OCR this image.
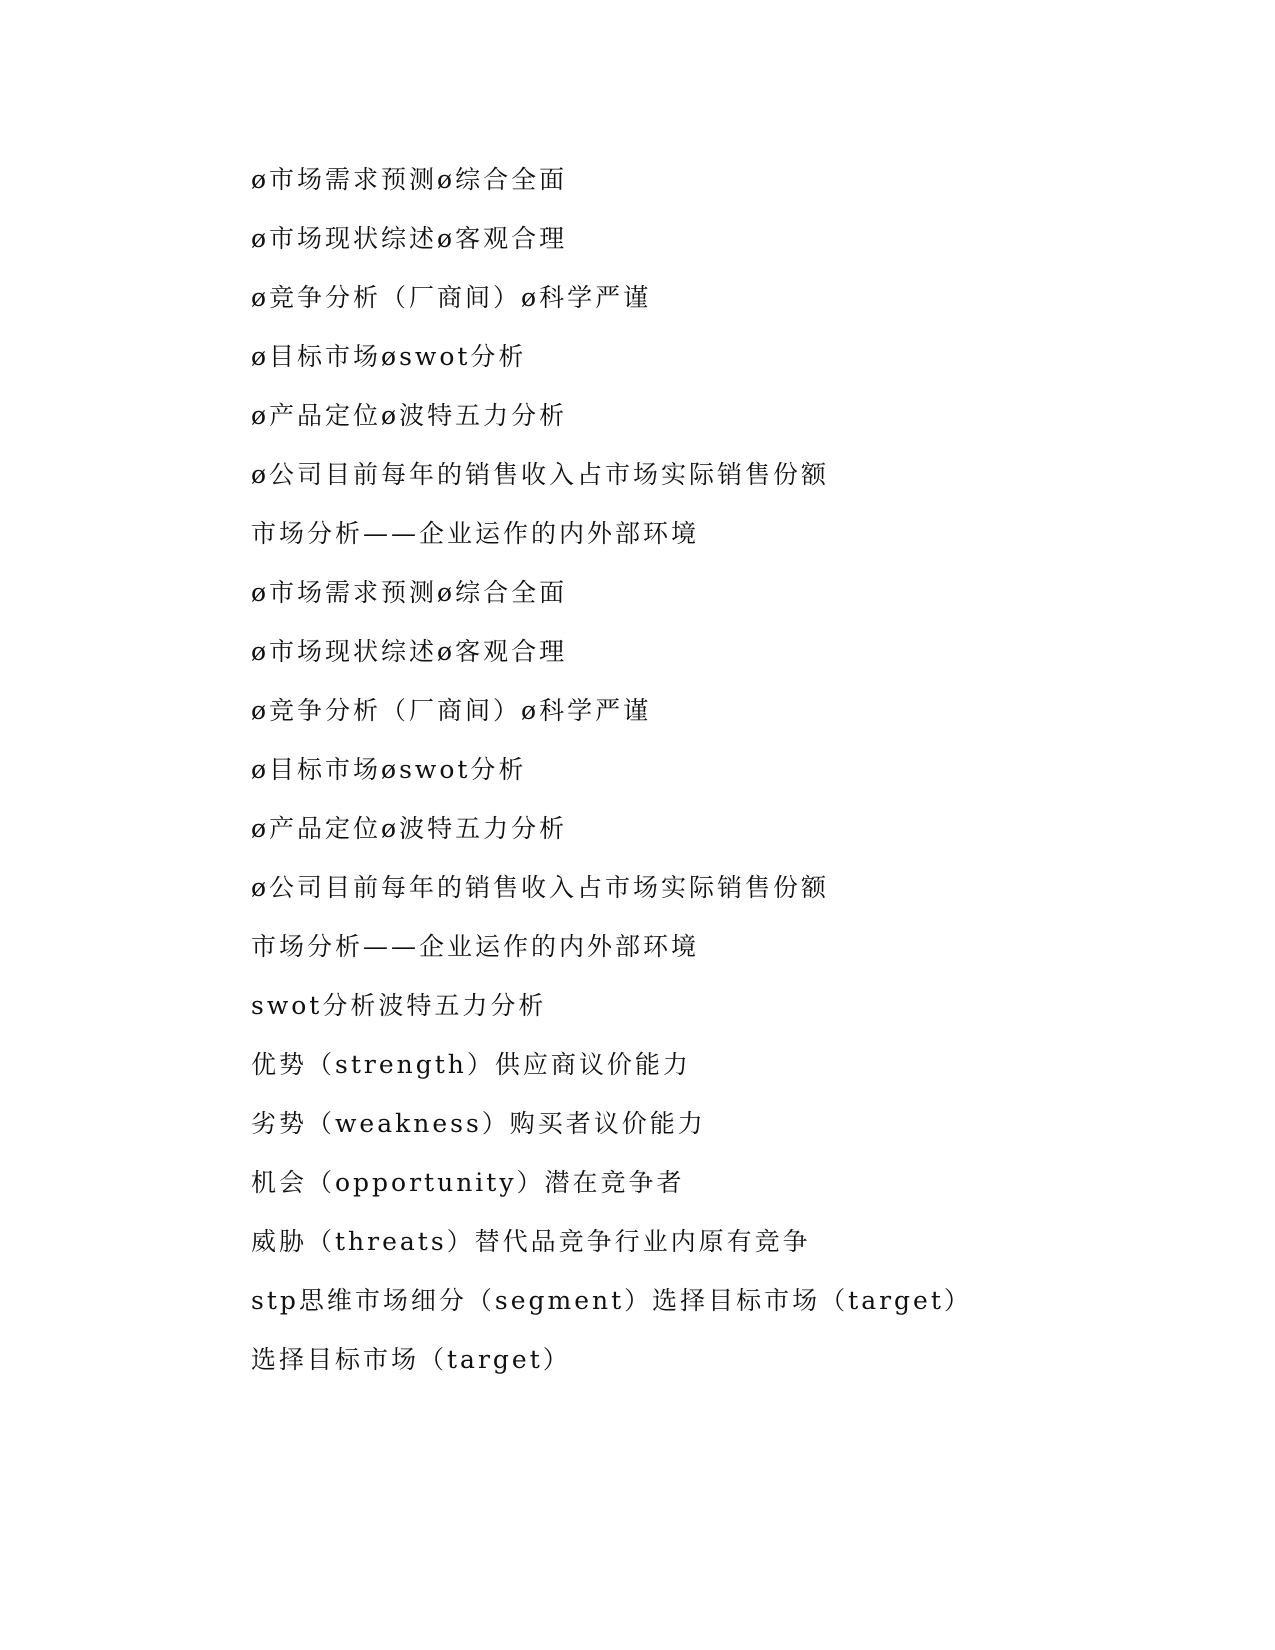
ø市场需求预测ø综合全面
ø市场现状综述ø客观合理
ø竞争分析（厂商间）ø科学严谨
ø目标市场øswot分析
ø产品定位ø波特五力分析
ø公司目前每年的销售收入占市场实际销售份额
市场分析——企业运作的内外部环境
ø市场需求预测ø综合全面
ø市场现状综述ø客观合理
ø竞争分析（厂商间）ø科学严谨
ø目标市场øswot分析
ø产品定位ø波特五力分析
ø公司目前每年的销售收入占市场实际销售份额
市场分析——企业运作的内外部环境
swot分析波特五力分析
优势（strength）供应商议价能力
劣势（weakness）购买者议价能力
机会（opportunity）潜在竞争者
威胁（threats）替代品竞争行业内原有竞争
stp思维市场细分（segment）选择目标市场（target）
选择目标市场（target）
